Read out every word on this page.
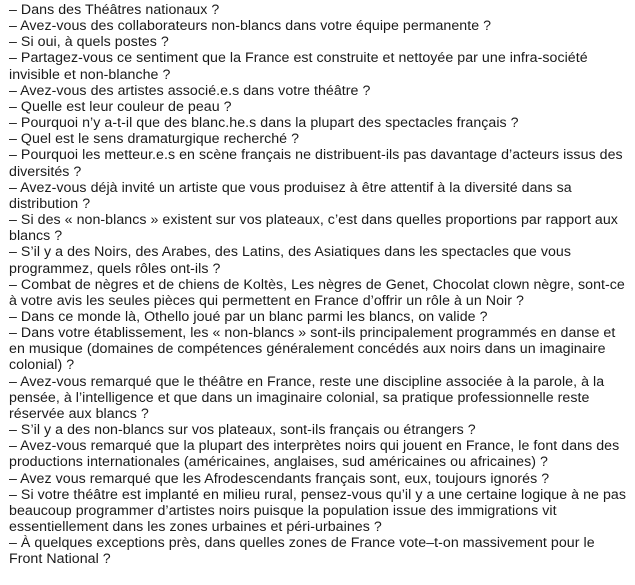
– Dans des Théâtres nationaux ?
– Avez-vous des collaborateurs non-blancs dans votre équipe permanente ?
– Si oui, à quels postes ?
– Partagez-vous ce sentiment que la France est construite et nettoyée par une infra-société
invisible et non-blanche ?
– Avez-vous des artistes associé.e.s dans votre théâtre ?
– Quelle est leur couleur de peau ?
– Pourquoi n’y a-t-il que des blanc.he.s dans la plupart des spectacles français ?
– Quel est le sens dramaturgique recherché ?
– Pourquoi les metteur.e.s en scène français ne distribuent-ils pas davantage d’acteurs issus des
diversités ?
– Avez-vous déjà invité un artiste que vous produisez à être attentif à la diversité dans sa
distribution ?
– Si des « non-blancs » existent sur vos plateaux, c’est dans quelles proportions par rapport aux
blancs ?
– S’il y a des Noirs, des Arabes, des Latins, des Asiatiques dans les spectacles que vous
programmez, quels rôles ont-ils ?
– Combat de nègres et de chiens de Koltès, Les nègres de Genet, Chocolat clown nègre, sont-ce
à votre avis les seules pièces qui permettent en France d’offrir un rôle à un Noir ?
– Dans ce monde là, Othello joué par un blanc parmi les blancs, on valide ?
– Dans votre établissement, les « non-blancs » sont-ils principalement programmés en danse et
en musique (domaines de compétences généralement concédés aux noirs dans un imaginaire
colonial) ?
– Avez-vous remarqué que le théâtre en France, reste une discipline associée à la parole, à la
pensée, à l’intelligence et que dans un imaginaire colonial, sa pratique professionnelle reste
réservée aux blancs ?
– S’il y a des non-blancs sur vos plateaux, sont-ils français ou étrangers ?
– Avez-vous remarqué que la plupart des interprètes noirs qui jouent en France, le font dans des
productions internationales (américaines, anglaises, sud américaines ou africaines) ?
– Avez vous remarqué que les Afrodescendants français sont, eux, toujours ignorés ?
– Si votre théâtre est implanté en milieu rural, pensez-vous qu’il y a une certaine logique à ne pas
beaucoup programmer d’artistes noirs puisque la population issue des immigrations vit
essentiellement dans les zones urbaines et péri-urbaines ?
– À quelques exceptions près, dans quelles zones de France vote–t-on massivement pour le
Front National ?
